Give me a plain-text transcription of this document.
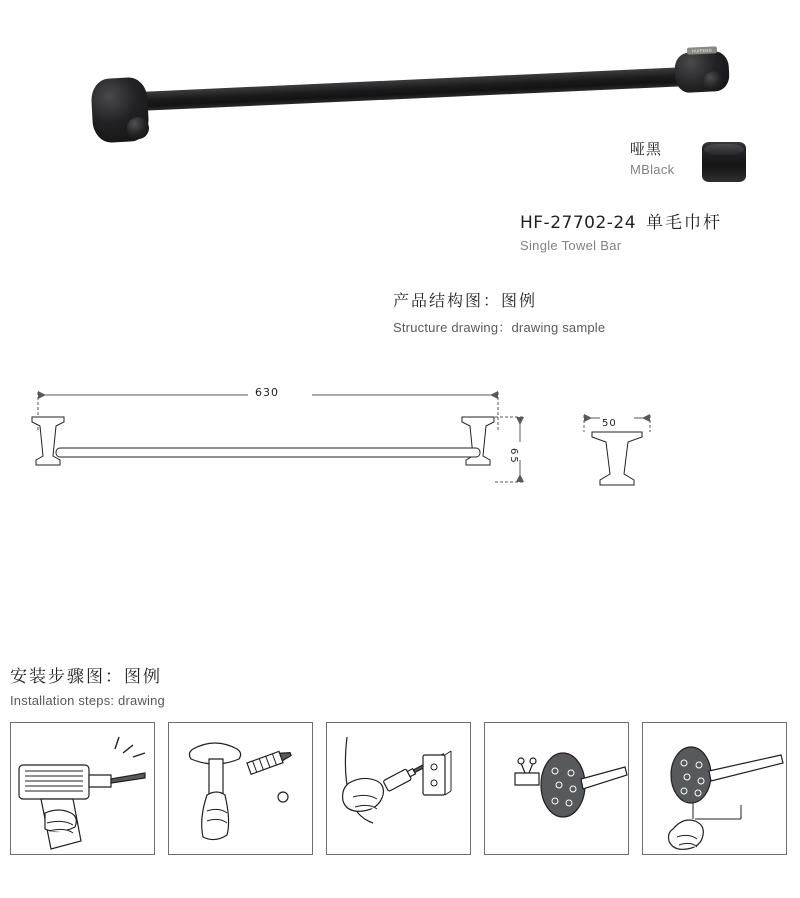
HUIFENG
哑黑
MBlack
HF-27702-24 单毛巾杆
Single Towel Bar
产品结构图：图例
Structure drawing：drawing sample
630
50
65
安装步骤图：图例
Installation steps: drawing
